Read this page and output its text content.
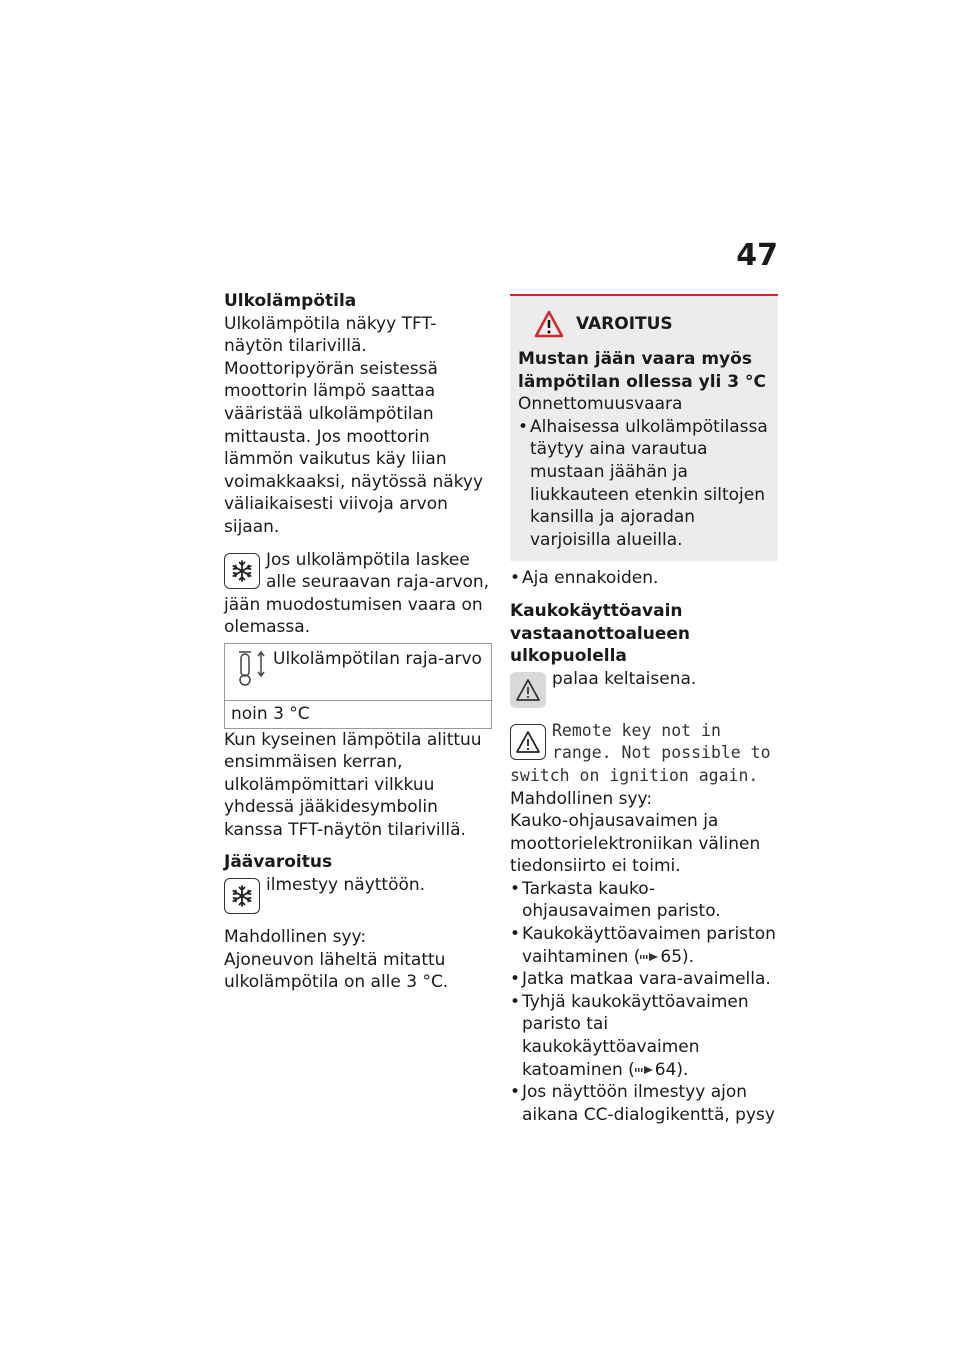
47
Ulkolämpötila

Ulkolämpötila näkyy TFT-näytön tilarivillä.

Moottoripyörän seistessä moottorin lämpö saattaa vääristää ulkolämpötilan mittausta. Jos moottorin lämmön vaikutus käy liian voimakkaaksi, näytössä näkyy väliaikaisesti viivoja arvon sijaan.

Jos ulkolämpötila laskee alle seuraavan raja-arvon, jään muodostumisen vaara on olemassa.
Ulkolämpötilan raja-arvo
noin 3 °C

Kun kyseinen lämpötila alittuu ensimmäisen kerran, ulkolämpömittari vilkkuu yhdessä jääkidesymbolin kanssa TFT-näytön tilarivillä.

Jäävaroitus
ilmestyy näyttöön.

Mahdollinen syy:

Ajoneuvon läheltä mitattu ulkolämpötila on alle 3 °C.

VAROITUS
Mustan jään vaara myös lämpötilan ollessa yli 3 °C

Onnettomuusvaara

• Alhaisessa ulkolämpötilassa täytyy aina varautua mustaan jäähän ja liukkauteen etenkin siltojen kansilla ja ajoradan varjoisilla alueilla.
• Aja ennakoiden.
Kaukokäyttöavain vastaanottoalueen ulkopuolella
palaa keltaisena.
Remote key not in range. Not possible to switch on ignition again.

Mahdollinen syy:

Kauko-ohjausavaimen ja moottorielektroniikan välinen tiedonsiirto ei toimi.

• Tarkasta kauko-ohjausavaimen paristo.
• Kaukokäyttöavaimen pariston vaihtaminen ( 65).
• Jatka matkaa vara-avaimella.
• Tyhjä kaukokäyttöavaimen paristo tai kaukokäyttöavaimen katoaminen ( 64).
• Jos näyttöön ilmestyy ajon aikana CC-dialogikenttä, pysy
